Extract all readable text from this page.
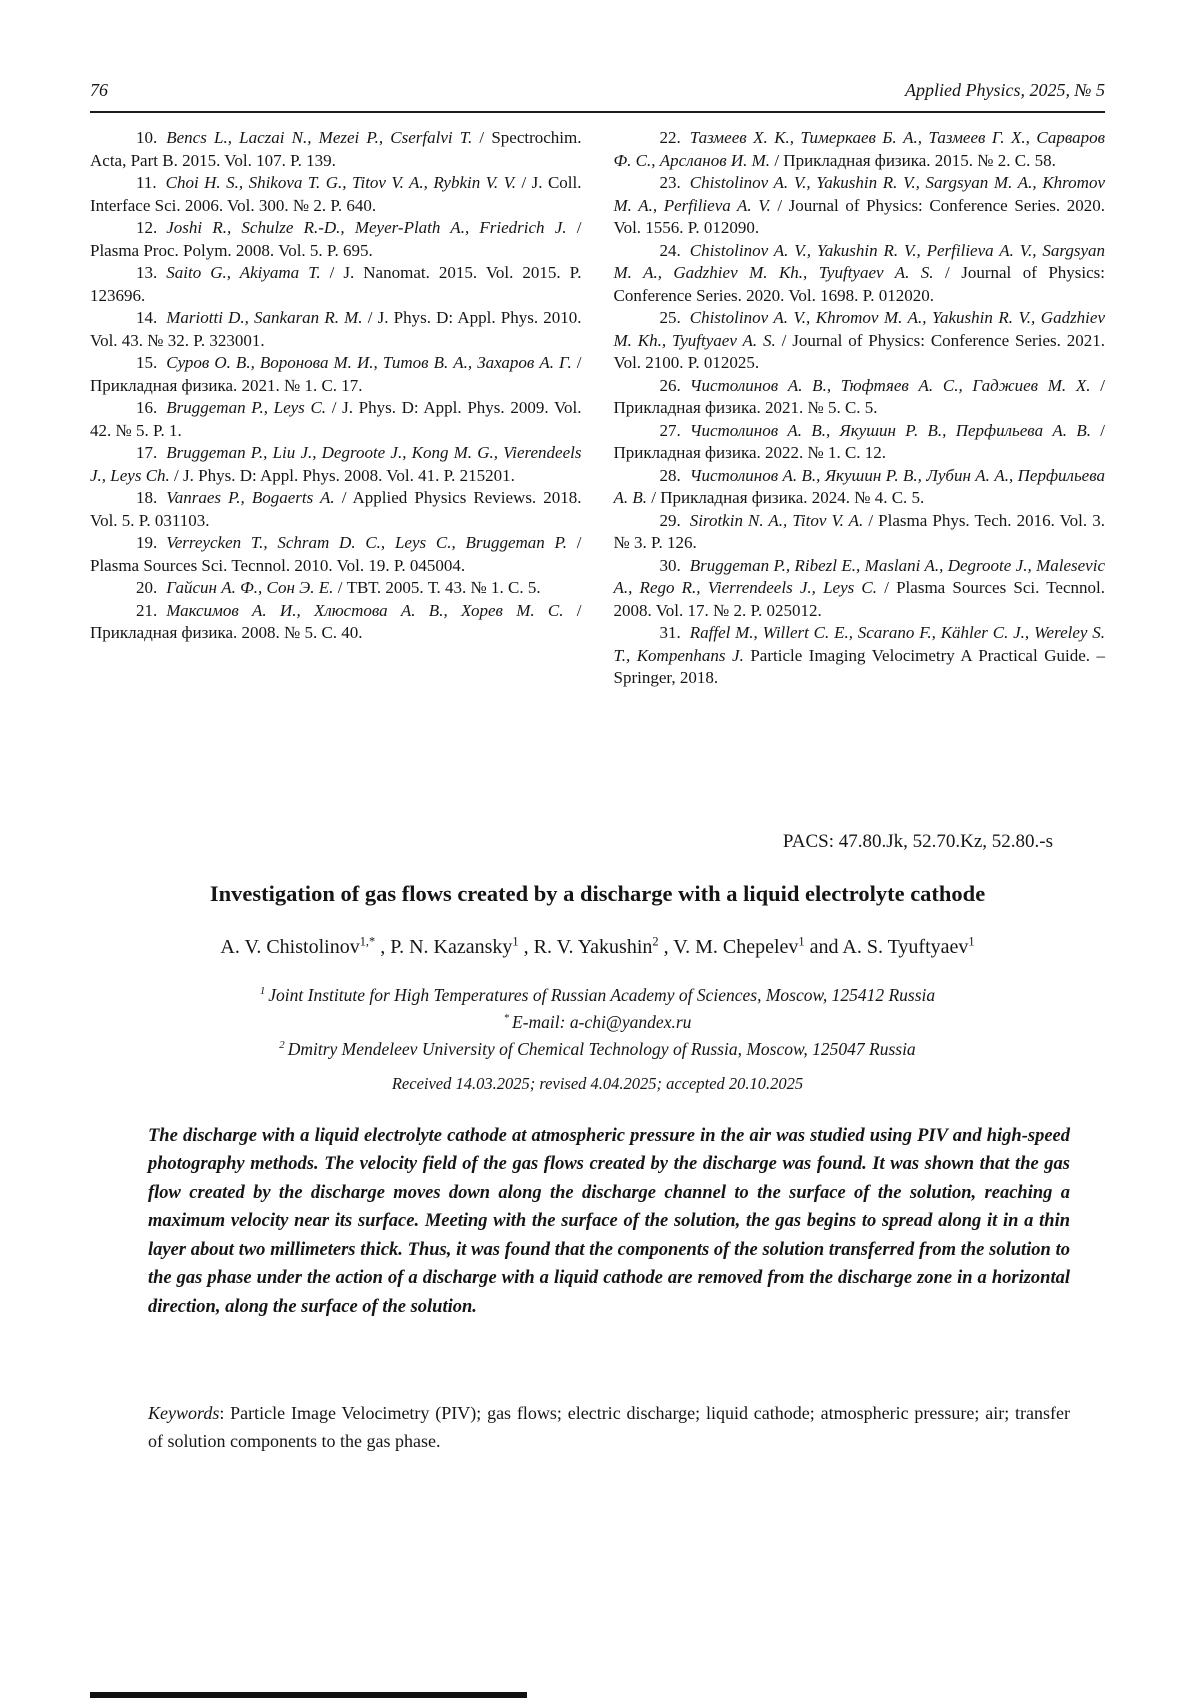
76	Applied Physics, 2025, № 5

10. Bencs L., Laczai N., Mezei P., Cserfalvi T. / Spectrochim. Acta, Part B. 2015. Vol. 107. P. 139.

11. Choi H. S., Shikova T. G., Titov V. A., Rybkin V. V. / J. Coll. Interface Sci. 2006. Vol. 300. № 2. P. 640.

12. Joshi R., Schulze R.-D., Meyer-Plath A., Friedrich J. / Plasma Proc. Polym. 2008. Vol. 5. P. 695.

13. Saito G., Akiyama T. / J. Nanomat. 2015. Vol. 2015. P. 123696.

14. Mariotti D., Sankaran R. M. / J. Phys. D: Appl. Phys. 2010. Vol. 43. № 32. P. 323001.

15. Суров О. В., Воронова М. И., Титов В. А., Захаров А. Г. / Прикладная физика. 2021. № 1. С. 17.

16. Bruggeman P., Leys C. / J. Phys. D: Appl. Phys. 2009. Vol. 42. № 5. P. 1.

17. Bruggeman P., Liu J., Degroote J., Kong M. G., Vierendeels J., Leys Ch. / J. Phys. D: Appl. Phys. 2008. Vol. 41. P. 215201.

18. Vanraes P., Bogaerts A. / Applied Physics Reviews. 2018. Vol. 5. P. 031103.

19. Verreycken T., Schram D. C., Leys C., Bruggeman P. / Plasma Sources Sci. Tecnnol. 2010. Vol. 19. P. 045004.

20. Гайсин А. Ф., Сон Э. Е. / ТВТ. 2005. Т. 43. № 1. С. 5.

21. Максимов А. И., Хлюстова А. В., Хорев М. С. / Прикладная физика. 2008. № 5. С. 40.

22. Тазмеев Х. К., Тимеркаев Б. А., Тазмеев Г. Х., Сарваров Ф. С., Арсланов И. М. / Прикладная физика. 2015. № 2. С. 58.

23. Chistolinov A. V., Yakushin R. V., Sargsyan M. A., Khromov M. A., Perfilieva A. V. / Journal of Physics: Conference Series. 2020. Vol. 1556. P. 012090.

24. Chistolinov A. V., Yakushin R. V., Perfilieva A. V., Sargsyan M. A., Gadzhiev M. Kh., Tyuftyaev A. S. / Journal of Physics: Conference Series. 2020. Vol. 1698. P. 012020.

25. Chistolinov A. V., Khromov M. A., Yakushin R. V., Gadzhiev M. Kh., Tyuftyaev A. S. / Journal of Physics: Conference Series. 2021. Vol. 2100. P. 012025.

26. Чистолинов А. В., Тюфтяев А. С., Гаджиев М. Х. / Прикладная физика. 2021. № 5. С. 5.

27. Чистолинов А. В., Якушин Р. В., Перфильева А. В. / Прикладная физика. 2022. № 1. С. 12.

28. Чистолинов А. В., Якушин Р. В., Лубин А. А., Перфильева А. В. / Прикладная физика. 2024. № 4. С. 5.

29. Sirotkin N. A., Titov V. A. / Plasma Phys. Tech. 2016. Vol. 3. № 3. P. 126.

30. Bruggeman P., Ribezl E., Maslani A., Degroote J., Malesevic A., Rego R., Vierrendeels J., Leys C. / Plasma Sources Sci. Tecnnol. 2008. Vol. 17. № 2. P. 025012.

31. Raffel M., Willert C. E., Scarano F., Kähler C. J., Wereley S. T., Kompenhans J. Particle Imaging Velocimetry A Practical Guide. – Springer, 2018.

PACS: 47.80.Jk, 52.70.Kz, 52.80.-s

Investigation of gas flows created by a discharge with a liquid electrolyte cathode
A. V. Chistolinov$^{1,*}$ , P. N. Kazansky$^1$ , R. V. Yakushin$^2$ , V. M. Chepelev$^1$ and A. S. Tyuftyaev$^1$

$^1$ Joint Institute for High Temperatures of Russian Academy of Sciences, Moscow, 125412 Russia

* E-mail: a-chi@yandex.ru

$^2$ Dmitry Mendeleev University of Chemical Technology of Russia, Moscow, 125047 Russia

Received 14.03.2025; revised 4.04.2025; accepted 20.10.2025

The discharge with a liquid electrolyte cathode at atmospheric pressure in the air was studied using PIV and high-speed photography methods. The velocity field of the gas flows created by the discharge was found. It was shown that the gas flow created by the discharge moves down along the discharge channel to the surface of the solution, reaching a maximum velocity near its surface. Meeting with the surface of the solution, the gas begins to spread along it in a thin layer about two millimeters thick. Thus, it was found that the components of the solution transferred from the solution to the gas phase under the action of a discharge with a liquid cathode are removed from the discharge zone in a horizontal direction, along the surface of the solution.

Keywords: Particle Image Velocimetry (PIV); gas flows; electric discharge; liquid cathode; atmospheric pressure; air; transfer of solution components to the gas phase.
